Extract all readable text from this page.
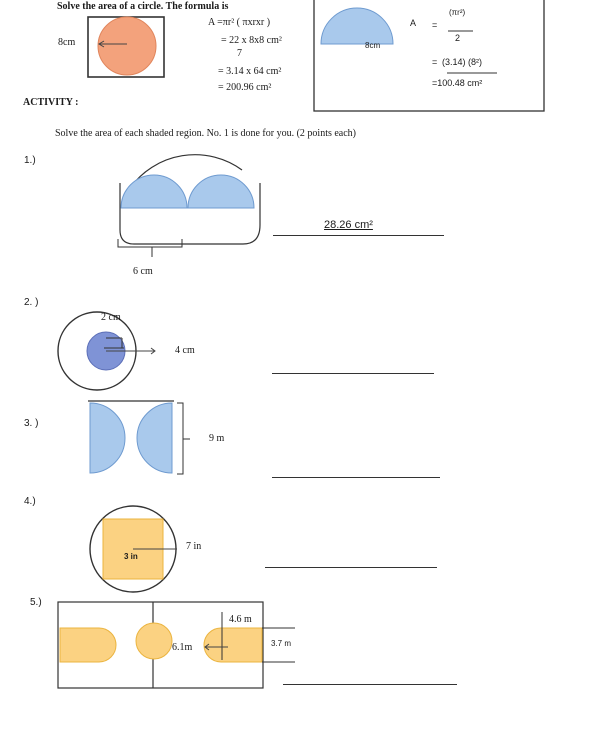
Solve the area of a circle. The formula is
8cm
A =πr² ( πxrxr )
= 22 x 8x8 cm²
7
= 3.14 x 64 cm²
= 200.96 cm²
8cm
A =
(πr²)
2
= (3.14) (8²)
=100.48 cm²
ACTIVITY :
Solve the area of each shaded region. No. 1 is done for you. (2 points each)
1.)
2. )
3. )
4.)
5.)
6 cm
28.26 cm²
2 cm
4 cm
9 m
3 in
7 in
4.6 m
6.1m	3.7 m
